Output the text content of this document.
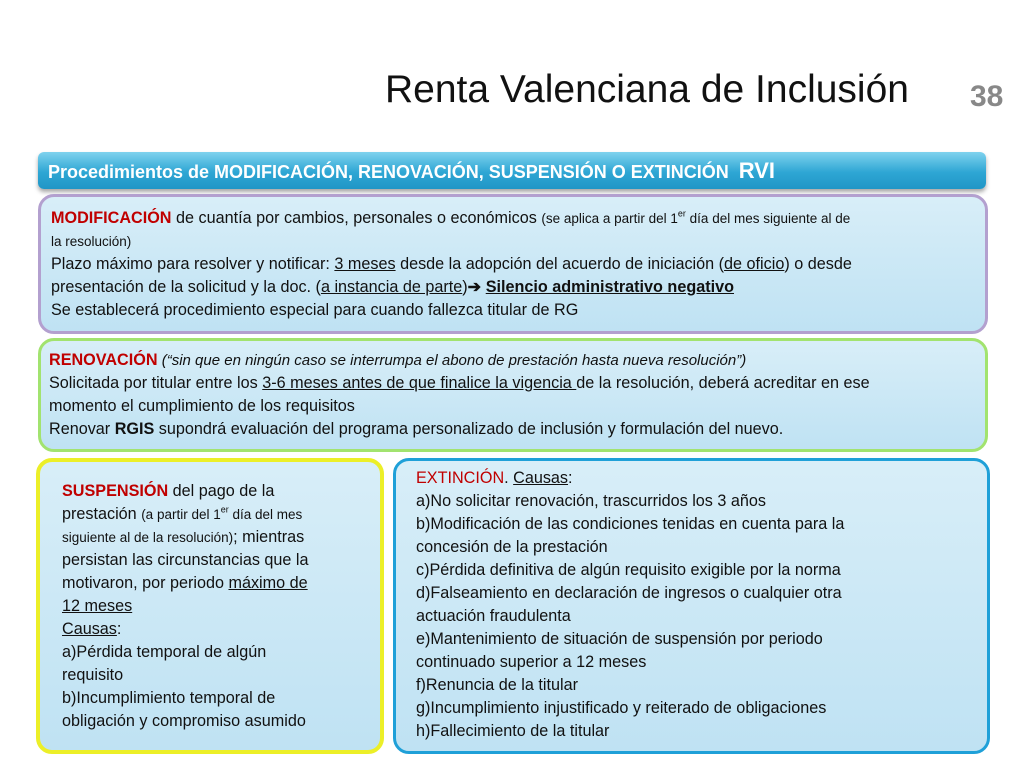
Renta Valenciana de Inclusión 38
Procedimientos de MODIFICACIÓN, RENOVACIÓN, SUSPENSIÓN O EXTINCIÓN RVI
MODIFICACIÓN de cuantía por cambios, personales o económicos (se aplica a partir del 1er día del mes siguiente al de
la resolución)
Plazo máximo para resolver y notificar: 3 meses desde la adopción del acuerdo de iniciación (de oficio) o desde
presentación de la solicitud y la doc. (a instancia de parte)➔ Silencio administrativo negativo
Se establecerá procedimiento especial para cuando fallezca titular de RG
RENOVACIÓN (“sin que en ningún caso se interrumpa el abono de prestación hasta nueva resolución”)
Solicitada por titular entre los 3-6 meses antes de que finalice la vigencia de la resolución, deberá acreditar en ese
momento el cumplimiento de los requisitos
Renovar RGIS supondrá evaluación del programa personalizado de inclusión y formulación del nuevo.
SUSPENSIÓN del pago de la
prestación (a partir del 1er día del mes
siguiente al de la resolución); mientras
persistan las circunstancias que la
motivaron, por periodo máximo de
12 meses
Causas:
a)Pérdida temporal de algún
requisito
b)Incumplimiento temporal de
obligación y compromiso asumido
EXTINCIÓN. Causas:
a)No solicitar renovación, trascurridos los 3 años
b)Modificación de las condiciones tenidas en cuenta para la
concesión de la prestación
c)Pérdida definitiva de algún requisito exigible por la norma
d)Falseamiento en declaración de ingresos o cualquier otra
actuación fraudulenta
e)Mantenimiento de situación de suspensión por periodo
continuado superior a 12 meses
f)Renuncia de la titular
g)Incumplimiento injustificado y reiterado de obligaciones
h)Fallecimiento de la titular
